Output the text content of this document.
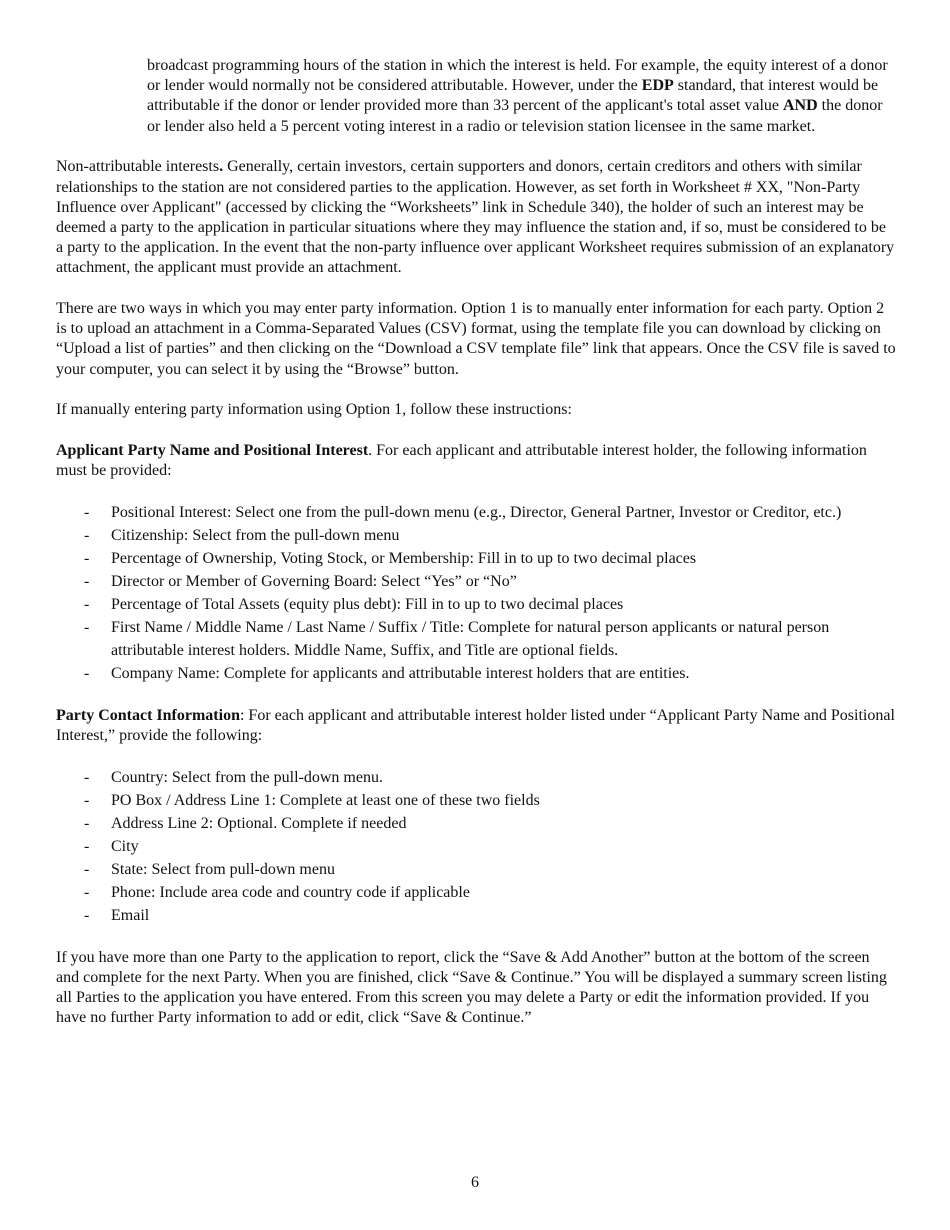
broadcast programming hours of the station in which the interest is held. For example, the equity interest of a donor or lender would normally not be considered attributable. However, under the EDP standard, that interest would be attributable if the donor or lender provided more than 33 percent of the applicant's total asset value AND the donor or lender also held a 5 percent voting interest in a radio or television station licensee in the same market.

Non-attributable interests. Generally, certain investors, certain supporters and donors, certain creditors and others with similar relationships to the station are not considered parties to the application. However, as set forth in Worksheet # XX, "Non-Party Influence over Applicant" (accessed by clicking the “Worksheets” link in Schedule 340), the holder of such an interest may be deemed a party to the application in particular situations where they may influence the station and, if so, must be considered to be a party to the application. In the event that the non-party influence over applicant Worksheet requires submission of an explanatory attachment, the applicant must provide an attachment.

There are two ways in which you may enter party information. Option 1 is to manually enter information for each party. Option 2 is to upload an attachment in a Comma-Separated Values (CSV) format, using the template file you can download by clicking on “Upload a list of parties” and then clicking on the “Download a CSV template file” link that appears. Once the CSV file is saved to your computer, you can select it by using the “Browse” button.

If manually entering party information using Option 1, follow these instructions:

Applicant Party Name and Positional Interest. For each applicant and attributable interest holder, the following information must be provided:

- Positional Interest: Select one from the pull-down menu (e.g., Director, General Partner, Investor or Creditor, etc.)
- Citizenship: Select from the pull-down menu
- Percentage of Ownership, Voting Stock, or Membership: Fill in to up to two decimal places
- Director or Member of Governing Board: Select “Yes” or “No”
- Percentage of Total Assets (equity plus debt): Fill in to up to two decimal places
- First Name / Middle Name / Last Name / Suffix / Title: Complete for natural person applicants or natural person attributable interest holders. Middle Name, Suffix, and Title are optional fields.
- Company Name: Complete for applicants and attributable interest holders that are entities.

Party Contact Information: For each applicant and attributable interest holder listed under “Applicant Party Name and Positional Interest,” provide the following:

- Country: Select from the pull-down menu.
- PO Box / Address Line 1: Complete at least one of these two fields
- Address Line 2: Optional. Complete if needed
- City
- State: Select from pull-down menu
- Phone: Include area code and country code if applicable
- Email

If you have more than one Party to the application to report, click the “Save & Add Another” button at the bottom of the screen and complete for the next Party. When you are finished, click “Save & Continue.” You will be displayed a summary screen listing all Parties to the application you have entered. From this screen you may delete a Party or edit the information provided. If you have no further Party information to add or edit, click “Save & Continue.”

6
